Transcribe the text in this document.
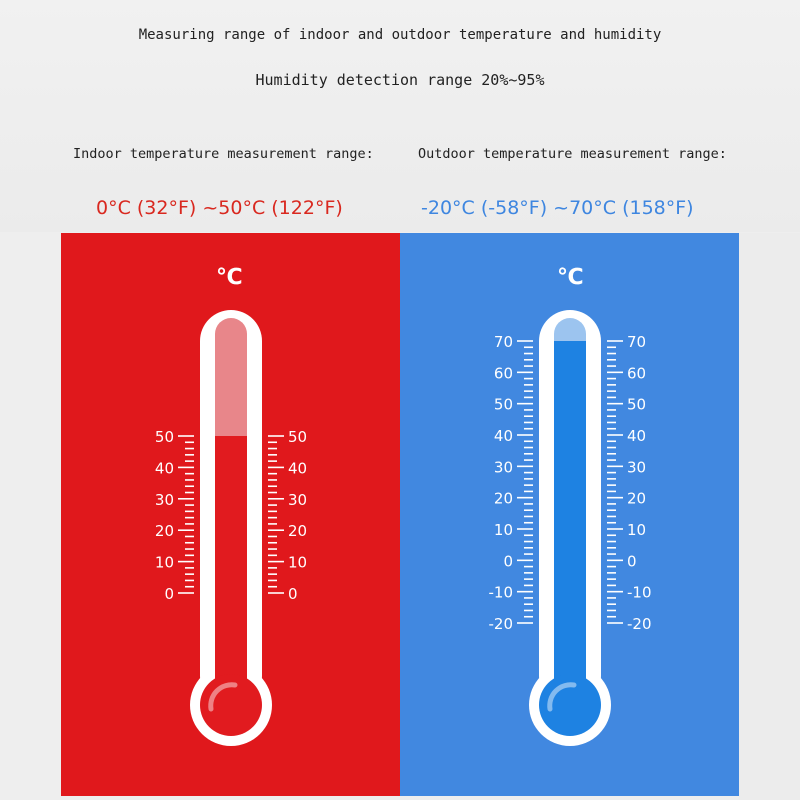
Measuring range of indoor and outdoor temperature and humidity
Humidity detection range 20%~95%
Indoor temperature measurement range:	Outdoor temperature measurement range:
0°C (32°F) ~50°C (122°F)	-20°C (-58°F) ~70°C (158°F)
℃	℃
0	0
10	10
20	20
30	30
40	40
50	50
-20	-20
-10	-10
0	0
10	10
20	20
30	30
40	40
50	50
60	60
70	70
